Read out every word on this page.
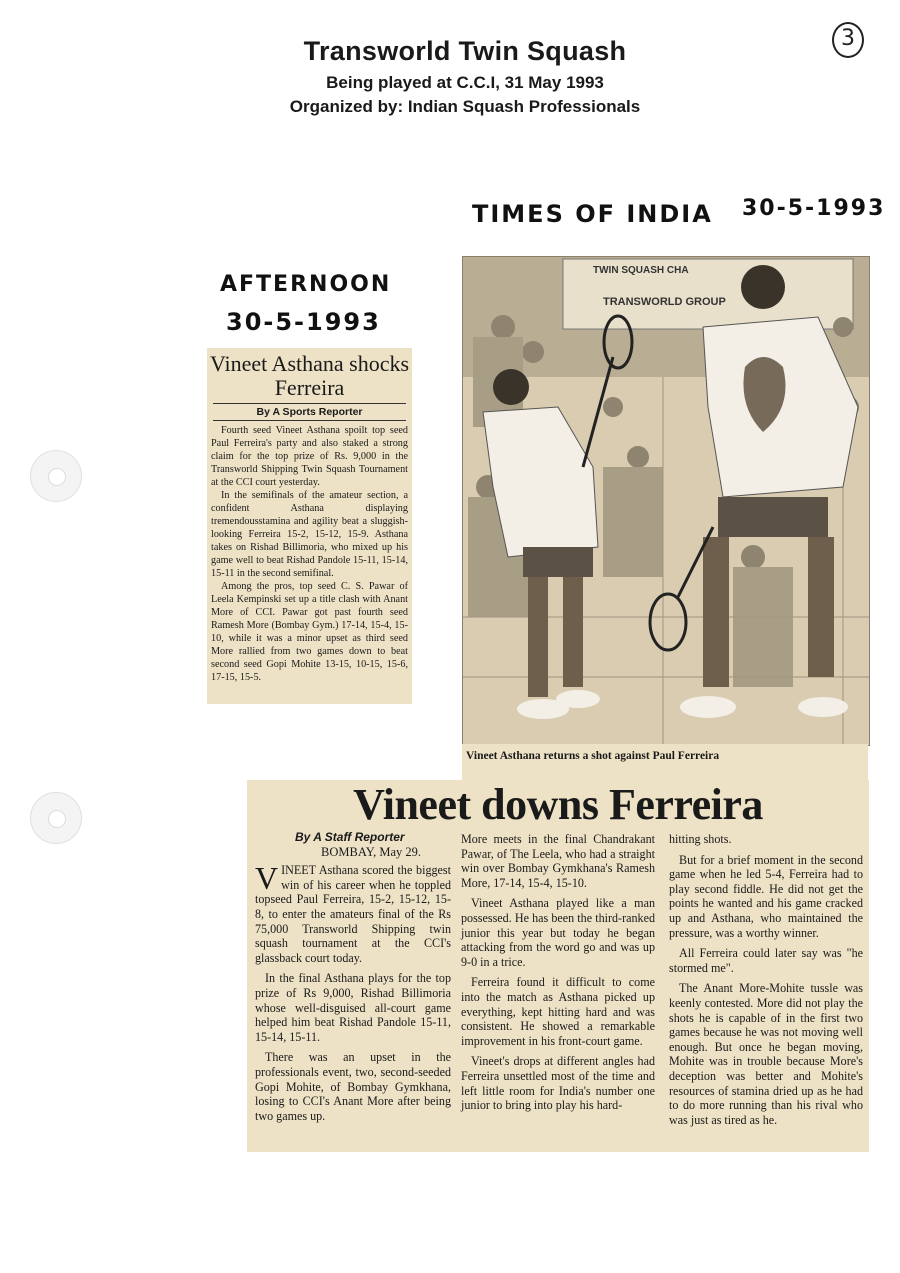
3
Transworld Twin Squash
Being played at C.C.I, 31 May 1993
Organized by: Indian Squash Professionals
TIMES OF INDIA 30-5-1993
AFTERNOON
30-5-1993
Vineet Asthana shocks Ferreira
By A Sports Reporter

Fourth seed Vineet Asthana spoilt top seed Paul Ferreira's party and also staked a strong claim for the top prize of Rs. 9,000 in the Transworld Shipping Twin Squash Tournament at the CCI court yesterday.

In the semifinals of the amateur section, a confident Asthana displaying tremendousstamina and agility beat a sluggish-looking Ferreira 15-2, 15-12, 15-9. Asthana takes on Rishad Billimoria, who mixed up his game well to beat Rishad Pandole 15-11, 15-14, 15-11 in the second semifinal.

Among the pros, top seed C. S. Pawar of Leela Kempinski set up a title clash with Anant More of CCI. Pawar got past fourth seed Ramesh More (Bombay Gym.) 17-14, 15-4, 15-10, while it was a minor upset as third seed More rallied from two games down to beat second seed Gopi Mohite 13-15, 10-15, 15-6, 17-15, 15-5.

TWIN SQUASH CHA
TRANSWORLD GROUP
Vineet Asthana returns a shot against Paul Ferreira
Vineet downs Ferreira
By A Staff Reporter
BOMBAY, May 29.

VINEET Asthana scored the biggest win of his career when he toppled topseed Paul Ferreira, 15-2, 15-12, 15-8, to enter the amateurs final of the Rs 75,000 Transworld Shipping twin squash tournament at the CCI's glassback court today.

In the final Asthana plays for the top prize of Rs 9,000, Rishad Billimoria whose well-disguised all-court game helped him beat Rishad Pandole 15-11, 15-14, 15-11.

There was an upset in the professionals event, two, second-seeded Gopi Mohite, of Bombay Gymkhana, losing to CCI's Anant More after being two games up.

More meets in the final Chandrakant Pawar, of The Leela, who had a straight win over Bombay Gymkhana's Ramesh More, 17-14, 15-4, 15-10.

Vineet Asthana played like a man possessed. He has been the third-ranked junior this year but today he began attacking from the word go and was up 9-0 in a trice.

Ferreira found it difficult to come into the match as Asthana picked up everything, kept hitting hard and was consistent. He showed a remarkable improvement in his front-court game.

Vineet's drops at different angles had Ferreira unsettled most of the time and left little room for India's number one junior to bring into play his hard-

hitting shots.

But for a brief moment in the second game when he led 5-4, Ferreira had to play second fiddle. He did not get the points he wanted and his game cracked up and Asthana, who maintained the pressure, was a worthy winner.

All Ferreira could later say was "he stormed me".

The Anant More-Mohite tussle was keenly contested. More did not play the shots he is capable of in the first two games because he was not moving well enough. But once he began moving, Mohite was in trouble because More's deception was better and Mohite's resources of stamina dried up as he had to do more running than his rival who was just as tired as he.
